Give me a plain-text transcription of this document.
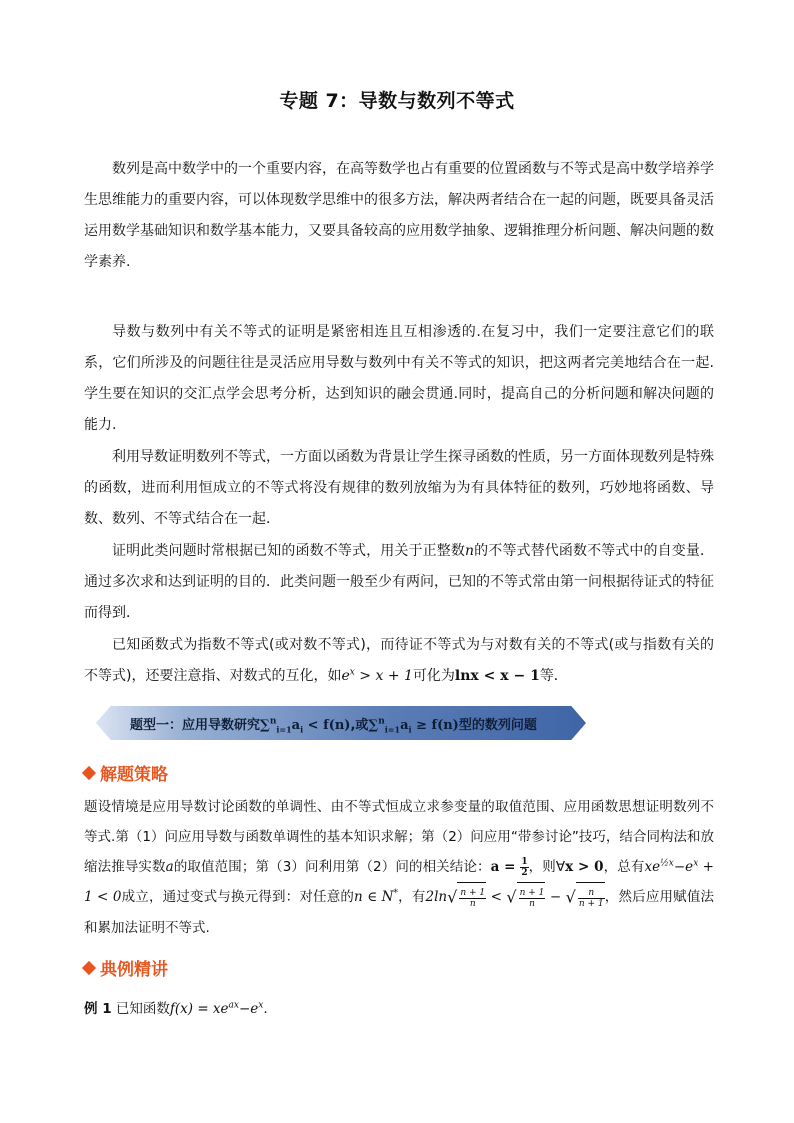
专题 7：导数与数列不等式
数列是高中数学中的一个重要内容，在高等数学也占有重要的位置函数与不等式是高中数学培养学生思维能力的重要内容，可以体现数学思维中的很多方法，解决两者结合在一起的问题，既要具备灵活运用数学基础知识和数学基本能力，又要具备较高的应用数学抽象、逻辑推理分析问题、解决问题的数学素养.
导数与数列中有关不等式的证明是紧密相连且互相渗透的.在复习中，我们一定要注意它们的联系，它们所涉及的问题往往是灵活应用导数与数列中有关不等式的知识，把这两者完美地结合在一起.学生要在知识的交汇点学会思考分析，达到知识的融会贯通.同时，提高自己的分析问题和解决问题的能力.
利用导数证明数列不等式，一方面以函数为背景让学生探寻函数的性质，另一方面体现数列是特殊的函数，进而利用恒成立的不等式将没有规律的数列放缩为为有具体特征的数列，巧妙地将函数、导数、数列、不等式结合在一起．
证明此类问题时常根据已知的函数不等式，用关于正整数n的不等式替代函数不等式中的自变量．通过多次求和达到证明的目的．此类问题一般至少有两问，已知的不等式常由第一问根据待证式的特征而得到．
已知函数式为指数不等式(或对数不等式)，而待证不等式为与对数有关的不等式(或与指数有关的不等式)，还要注意指、对数式的互化，如$e^x > x + 1$可化为lnx < x − 1等．
题型一：应用导数研究$\sum^n_{i=1}a_i < f(n)$,或$\sum^n_{i=1}a_i \ge f(n)$型的数列问题
解题策略
题设情境是应用导数讨论函数的单调性、由不等式恒成立求参变量的取值范围、应用函数思想证明数列不等式.第（1）问应用导数与函数单调性的基本知识求解；第（2）问应用“带参讨论”技巧，结合同构法和放缩法推导实数a的取值范围；第（3）问利用第（2）问的相关结论：$a = \frac{1}{2}$ ，则∀x > 0，总有$xe^{\frac{1}{2}x}-e^x + 1 < 0$成立，通过变式与换元得到：对任意的n ∈ N*，有$2\ln√ \frac{n + 1}{n}$ < √ $\frac{n + 1}{n}$ − √ $\frac{n}{n + 1}$ ，然后应用赋值法和累加法证明不等式.
典例精讲
例 1 已知函数$f(x) = xe^{ax}-e^x$.
